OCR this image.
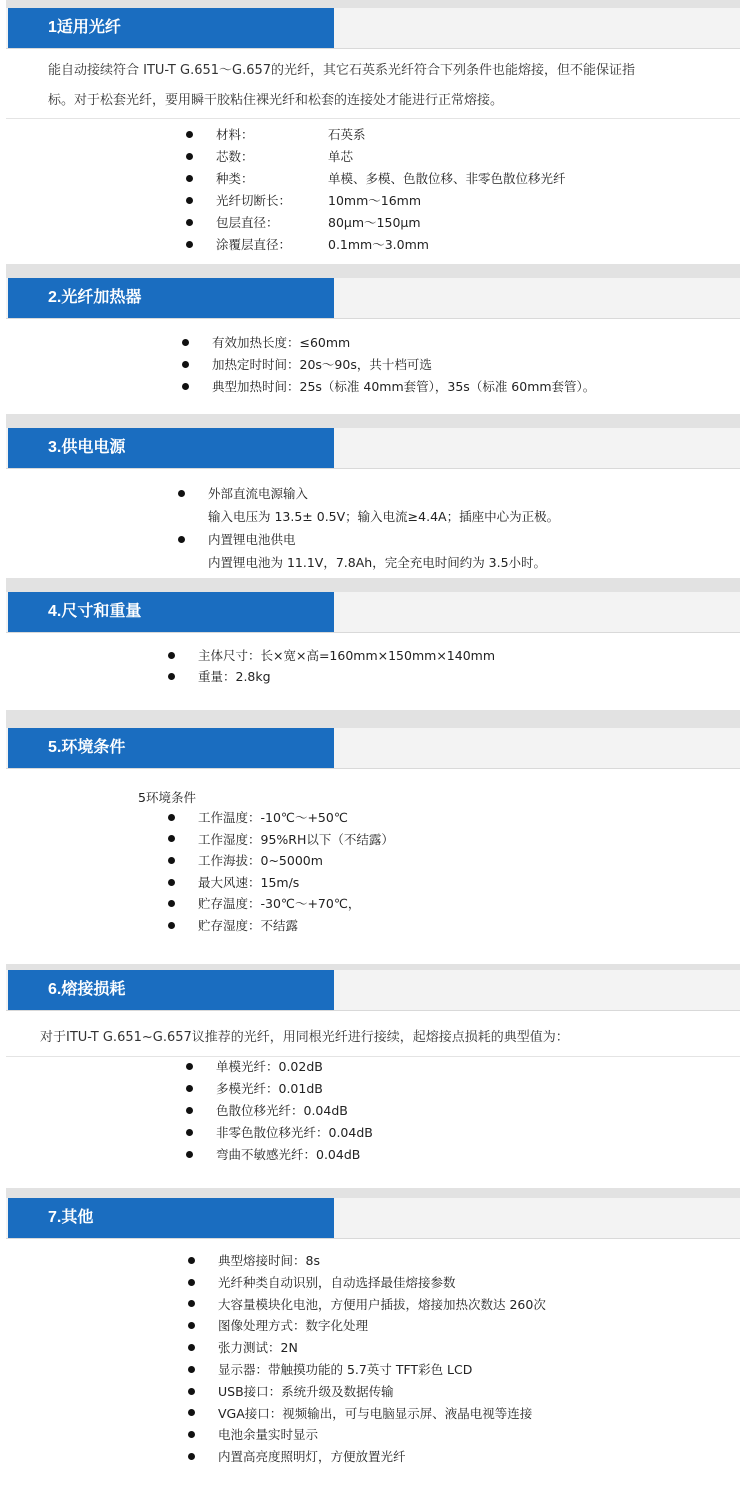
1适用光纤
能自动接续符合 ITU-T G.651～G.657的光纤，其它石英系光纤符合下列条件也能熔接，但不能保证指
标。对于松套光纤，要用瞬干胶粘住裸光纤和松套的连接处才能进行正常熔接。
材料：	石英系
芯数：	单芯
种类：	单模、多模、色散位移、非零色散位移光纤
光纤切断长：	10mm～16mm
包层直径：	80μm～150μm
涂覆层直径：	0.1mm～3.0mm
2.光纤加热器
有效加热长度：≤60mm
加热定时时间：20s～90s，共十档可选
典型加热时间：25s（标准 40mm套管），35s（标准 60mm套管）。
3.供电电源
外部直流电源输入
输入电压为 13.5± 0.5V；输入电流≥4.4A；插座中心为正极。
内置锂电池供电
内置锂电池为 11.1V，7.8Ah，完全充电时间约为 3.5小时。
4.尺寸和重量
主体尺寸：长×宽×高=160mm×150mm×140mm
重量：2.8kg
5.环境条件
5环境条件
工作温度：-10℃～+50℃
工作湿度：95%RH以下（不结露）
工作海拔：0~5000m
最大风速：15m/s
贮存温度：-30℃～+70℃，
贮存湿度：不结露
6.熔接损耗
对于ITU-T G.651~G.657议推荐的光纤，用同根光纤进行接续，起熔接点损耗的典型值为：
单模光纤：0.02dB
多模光纤：0.01dB
色散位移光纤：0.04dB
非零色散位移光纤：0.04dB
弯曲不敏感光纤：0.04dB
7.其他
典型熔接时间：8s
光纤种类自动识别，自动选择最佳熔接参数
大容量模块化电池，方便用户插拔，熔接加热次数达 260次
图像处理方式：数字化处理
张力测试：2N
显示器：带触摸功能的 5.7英寸 TFT彩色 LCD
USB接口：系统升级及数据传输
VGA接口：视频输出，可与电脑显示屏、液晶电视等连接
电池余量实时显示
内置高亮度照明灯，方便放置光纤
